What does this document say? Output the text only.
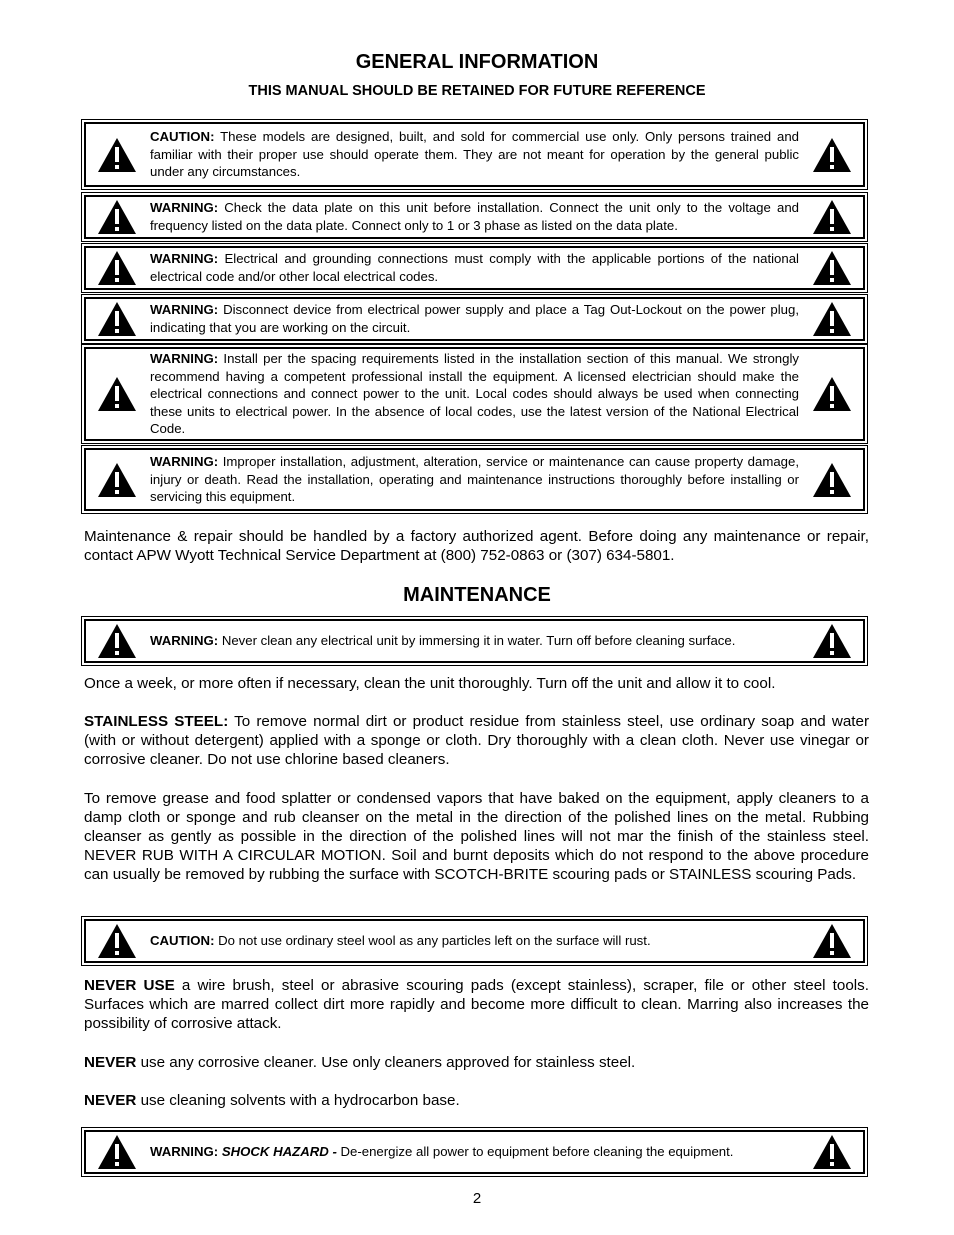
GENERAL INFORMATION
THIS MANUAL SHOULD BE RETAINED FOR FUTURE REFERENCE
CAUTION: These models are designed, built, and sold for commercial use only. Only persons trained and familiar with their proper use should operate them. They are not meant for operation by the general public under any circumstances.
WARNING: Check the data plate on this unit before installation. Connect the unit only to the voltage and frequency listed on the data plate. Connect only to 1 or 3 phase as listed on the data plate.
WARNING: Electrical and grounding connections must comply with the applicable portions of the national electrical code and/or other local electrical codes.
WARNING: Disconnect device from electrical power supply and place a Tag Out-Lockout on the power plug, indicating that you are working on the circuit.
WARNING: Install per the spacing requirements listed in the installation section of this manual. We strongly recommend having a competent professional install the equipment. A licensed electrician should make the electrical connections and connect power to the unit. Local codes should always be used when connecting these units to electrical power. In the absence of local codes, use the latest version of the National Electrical Code.
WARNING: Improper installation, adjustment, alteration, service or maintenance can cause property damage, injury or death. Read the installation, operating and maintenance instructions thoroughly before installing or servicing this equipment.

Maintenance & repair should be handled by a factory authorized agent. Before doing any maintenance or repair, contact APW Wyott Technical Service Department at (800) 752-0863 or (307) 634-5801.

MAINTENANCE
WARNING: Never clean any electrical unit by immersing it in water. Turn off before cleaning surface.

Once a week, or more often if necessary, clean the unit thoroughly. Turn off the unit and allow it to cool.

STAINLESS STEEL: To remove normal dirt or product residue from stainless steel, use ordinary soap and water (with or without detergent) applied with a sponge or cloth. Dry thoroughly with a clean cloth. Never use vinegar or corrosive cleaner. Do not use chlorine based cleaners.

To remove grease and food splatter or condensed vapors that have baked on the equipment, apply cleaners to a damp cloth or sponge and rub cleanser on the metal in the direction of the polished lines on the metal. Rubbing cleanser as gently as possible in the direction of the polished lines will not mar the finish of the stainless steel. NEVER RUB WITH A CIRCULAR MOTION. Soil and burnt deposits which do not respond to the above procedure can usually be removed by rubbing the surface with SCOTCH-BRITE scouring pads or STAINLESS scouring Pads.

CAUTION: Do not use ordinary steel wool as any particles left on the surface will rust.

NEVER USE a wire brush, steel or abrasive scouring pads (except stainless), scraper, file or other steel tools. Surfaces which are marred collect dirt more rapidly and become more difficult to clean. Marring also increases the possibility of corrosive attack.

NEVER use any corrosive cleaner. Use only cleaners approved for stainless steel.

NEVER use cleaning solvents with a hydrocarbon base.

WARNING: SHOCK HAZARD - De-energize all power to equipment before cleaning the equipment.
2
